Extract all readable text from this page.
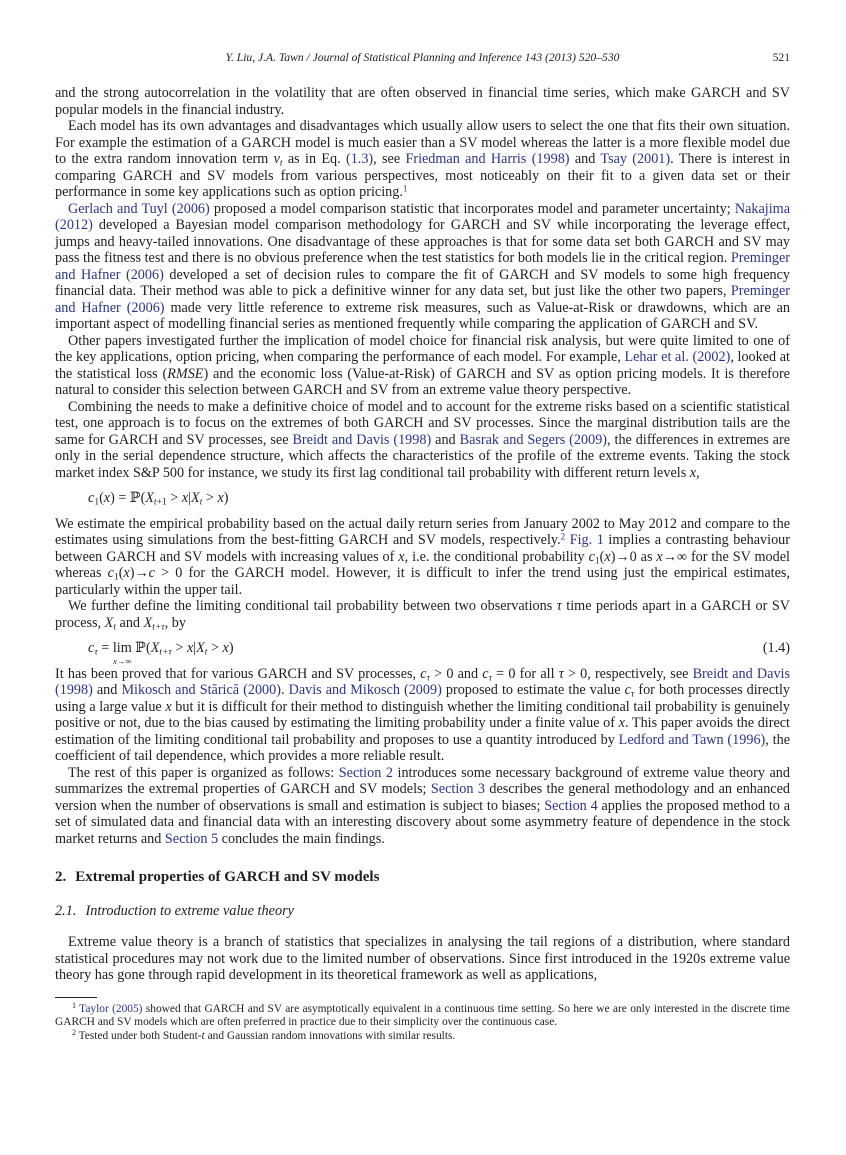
Y. Liu, J.A. Tawn / Journal of Statistical Planning and Inference 143 (2013) 520–530	521

and the strong autocorrelation in the volatility that are often observed in financial time series, which make GARCH and SV popular models in the financial industry.

Each model has its own advantages and disadvantages which usually allow users to select the one that fits their own situation. For example the estimation of a GARCH model is much easier than a SV model whereas the latter is a more flexible model due to the extra random innovation term $v_t$ as in Eq. (1.3), see Friedman and Harris (1998) and Tsay (2001). There is interest in comparing GARCH and SV models from various perspectives, most noticeably on their fit to a given data set or their performance in some key applications such as option pricing.$^1$

Gerlach and Tuyl (2006) proposed a model comparison statistic that incorporates model and parameter uncertainty; Nakajima (2012) developed a Bayesian model comparison methodology for GARCH and SV while incorporating the leverage effect, jumps and heavy-tailed innovations. One disadvantage of these approaches is that for some data set both GARCH and SV may pass the fitness test and there is no obvious preference when the test statistics for both models lie in the critical region. Preminger and Hafner (2006) developed a set of decision rules to compare the fit of GARCH and SV models to some high frequency financial data. Their method was able to pick a definitive winner for any data set, but just like the other two papers, Preminger and Hafner (2006) made very little reference to extreme risk measures, such as Value-at-Risk or drawdowns, which are an important aspect of modelling financial series as mentioned frequently while comparing the application of GARCH and SV.

Other papers investigated further the implication of model choice for financial risk analysis, but were quite limited to one of the key applications, option pricing, when comparing the performance of each model. For example, Lehar et al. (2002), looked at the statistical loss (RMSE) and the economic loss (Value-at-Risk) of GARCH and SV as option pricing models. It is therefore natural to consider this selection between GARCH and SV from an extreme value theory perspective.

Combining the needs to make a definitive choice of model and to account for the extreme risks based on a scientific statistical test, one approach is to focus on the extremes of both GARCH and SV processes. Since the marginal distribution tails are the same for GARCH and SV processes, see Breidt and Davis (1998) and Basrak and Segers (2009), the differences in extremes are only in the serial dependence structure, which affects the characteristics of the profile of the extreme events. Taking the stock market index S&P 500 for instance, we study its first lag conditional tail probability with different return levels x,

$c_1(x)$ = $ℙ(X_{t+1} > x|X_t > x)$

We estimate the empirical probability based on the actual daily return series from January 2002 to May 2012 and compare to the estimates using simulations from the best-fitting GARCH and SV models, respectively.$^2$ Fig. 1 implies a contrasting behaviour between GARCH and SV models with increasing values of x, i.e. the conditional probability $c_1(x)\to 0$ as x→∞ for the SV model whereas $c_1(x)\to c > 0$ for the GARCH model. However, it is difficult to infer the trend using just the empirical estimates, particularly within the upper tail.

We further define the limiting conditional tail probability between two observations τ time periods apart in a GARCH or SV process, $X_t$ and $X_{t+\tau}$, by

$c_\tau = \lim$
x→∞
$ℙ(X_{t+\tau} > x|X_t > x)$	(1.4)

It has been proved that for various GARCH and SV processes, $c_\tau > 0$ and $c_\tau = 0$ for all τ > 0, respectively, see Breidt and Davis (1998) and Mikosch and Stărică (2000). Davis and Mikosch (2009) proposed to estimate the value $c_\tau$ for both processes directly using a large value x but it is difficult for their method to distinguish whether the limiting conditional tail probability is genuinely positive or not, due to the bias caused by estimating the limiting probability under a finite value of x. This paper avoids the direct estimation of the limiting conditional tail probability and proposes to use a quantity introduced by Ledford and Tawn (1996), the coefficient of tail dependence, which provides a more reliable result.

The rest of this paper is organized as follows: Section 2 introduces some necessary background of extreme value theory and summarizes the extremal properties of GARCH and SV models; Section 3 describes the general methodology and an enhanced version when the number of observations is small and estimation is subject to biases; Section 4 applies the proposed method to a set of simulated data and financial data with an interesting discovery about some asymmetry feature of dependence in the stock market returns and Section 5 concludes the main findings.

2. Extremal properties of GARCH and SV models
2.1. Introduction to extreme value theory

Extreme value theory is a branch of statistics that specializes in analysing the tail regions of a distribution, where standard statistical procedures may not work due to the limited number of observations. Since first introduced in the 1920s extreme value theory has gone through rapid development in its theoretical framework as well as applications,

$^1$ Taylor (2005) showed that GARCH and SV are asymptotically equivalent in a continuous time setting. So here we are only interested in the discrete time GARCH and SV models which are often preferred in practice due to their simplicity over the continuous case.

$^2$ Tested under both Student-t and Gaussian random innovations with similar results.
